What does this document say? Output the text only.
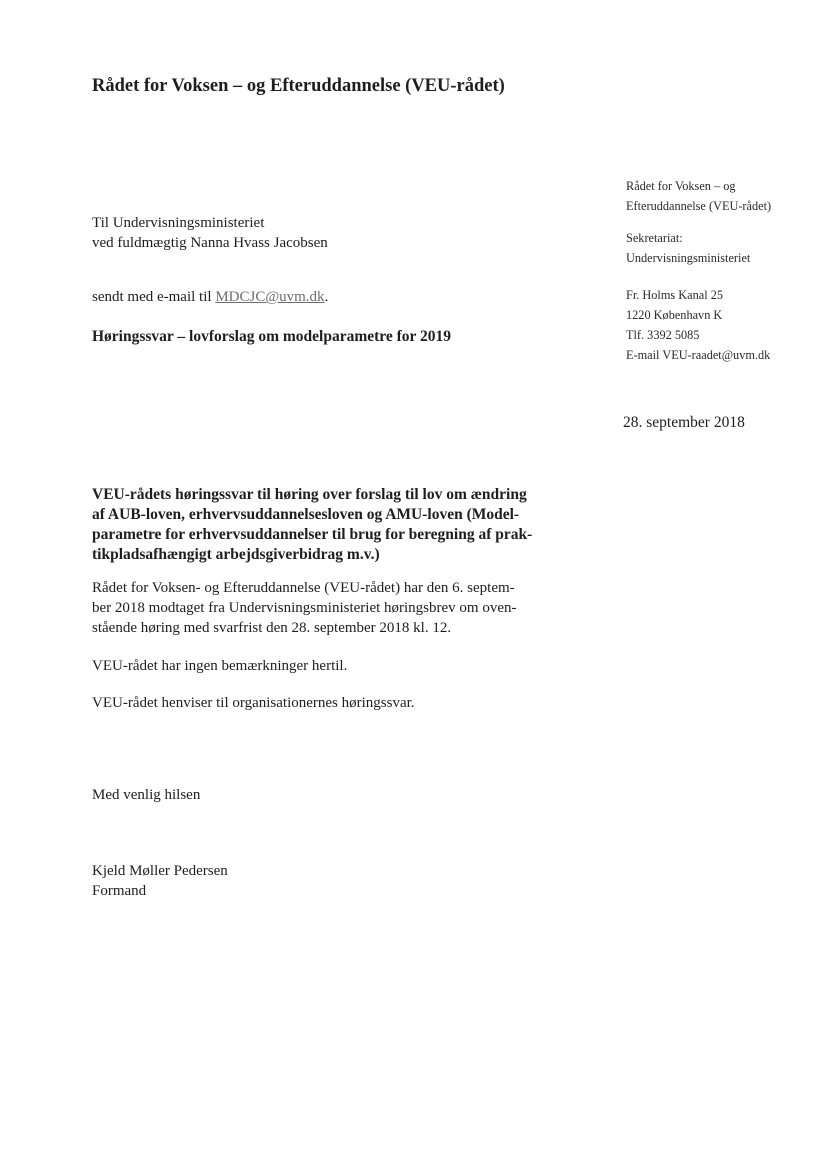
Rådet for Voksen – og Efteruddannelse (VEU-rådet)
Rådet for Voksen – og
Efteruddannelse (VEU-rådet)
Sekretariat:
Undervisningsministeriet
Fr. Holms Kanal 25
1220 København K
Tlf. 3392 5085
E-mail VEU-raadet@uvm.dk
Til Undervisningsministeriet
ved fuldmægtig Nanna Hvass Jacobsen
sendt med e-mail til MDCJC@uvm.dk.
Høringssvar – lovforslag om modelparametre for 2019
28. september 2018
VEU-rådets høringssvar til høring over forslag til lov om ændring
af AUB-loven, erhvervsuddannelsesloven og AMU-loven (Model-
parametre for erhvervsuddannelser til brug for beregning af prak-
tikpladsafhængigt arbejdsgiverbidrag m.v.)
Rådet for Voksen- og Efteruddannelse (VEU-rådet) har den 6. septem-
ber 2018 modtaget fra Undervisningsministeriet høringsbrev om oven-
stående høring med svarfrist den 28. september 2018 kl. 12.
VEU-rådet har ingen bemærkninger hertil.
VEU-rådet henviser til organisationernes høringssvar.
Med venlig hilsen
Kjeld Møller Pedersen
Formand
